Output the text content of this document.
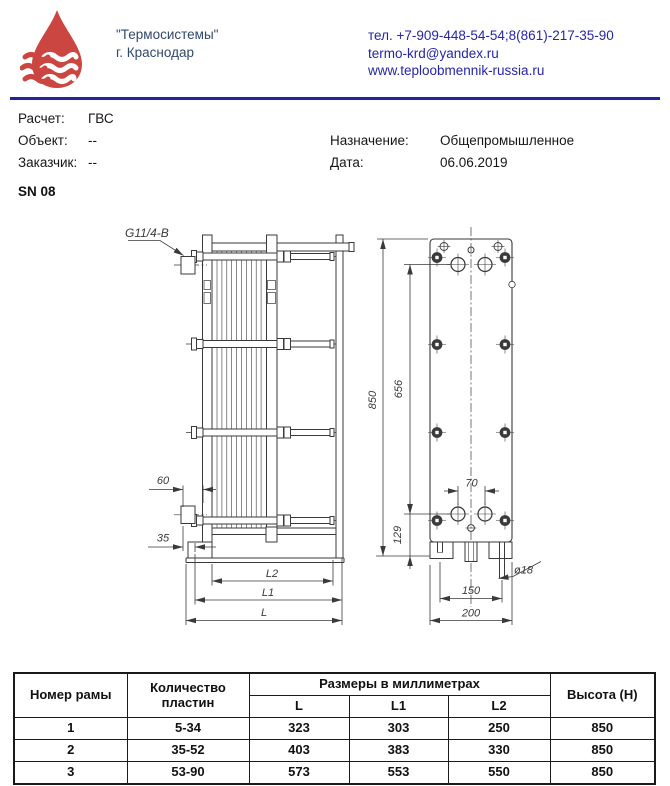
"Термосистемы"
г. Краснодар
тел. +7-909-448-54-54;8(861)-217-35-90
termo-krd@yandex.ru
www.teploobmennik-russia.ru
Расчет: ГВС
Объект: --
Заказчик: --
Назначение: Общепромышленное
Дата:	06.06.2019
SN 08
G11/4-B
60
35
L2
L1
L
850
656
129
70
ø18
150
200
Номер рамы	Количество пластин	Размеры в миллиметрах			Высота (H)
		L	L1	L2	
1	5-34	323	303	250	850
2	35-52	403	383	330	850
3	53-90	573	553	550	850
